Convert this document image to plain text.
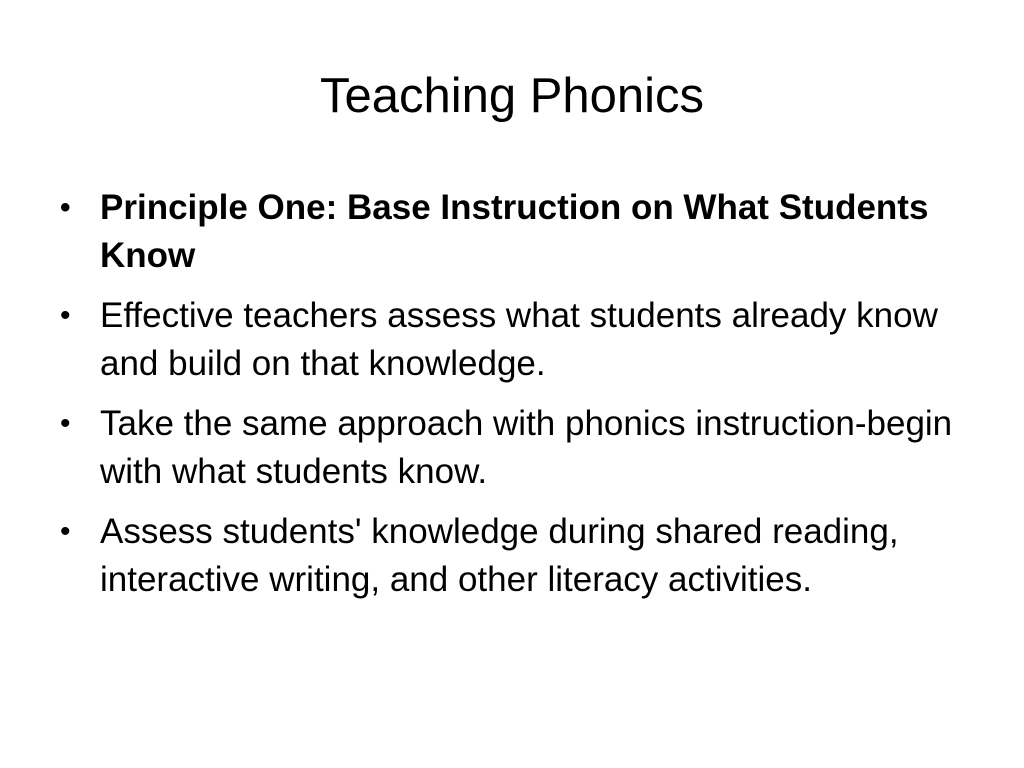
Teaching Phonics
• Principle One: Base Instruction on What Students Know
• Effective teachers assess what students already know and build on that knowledge.
• Take the same approach with phonics instruction-begin with what students know.
• Assess students' knowledge during shared reading, interactive writing, and other literacy activities.
